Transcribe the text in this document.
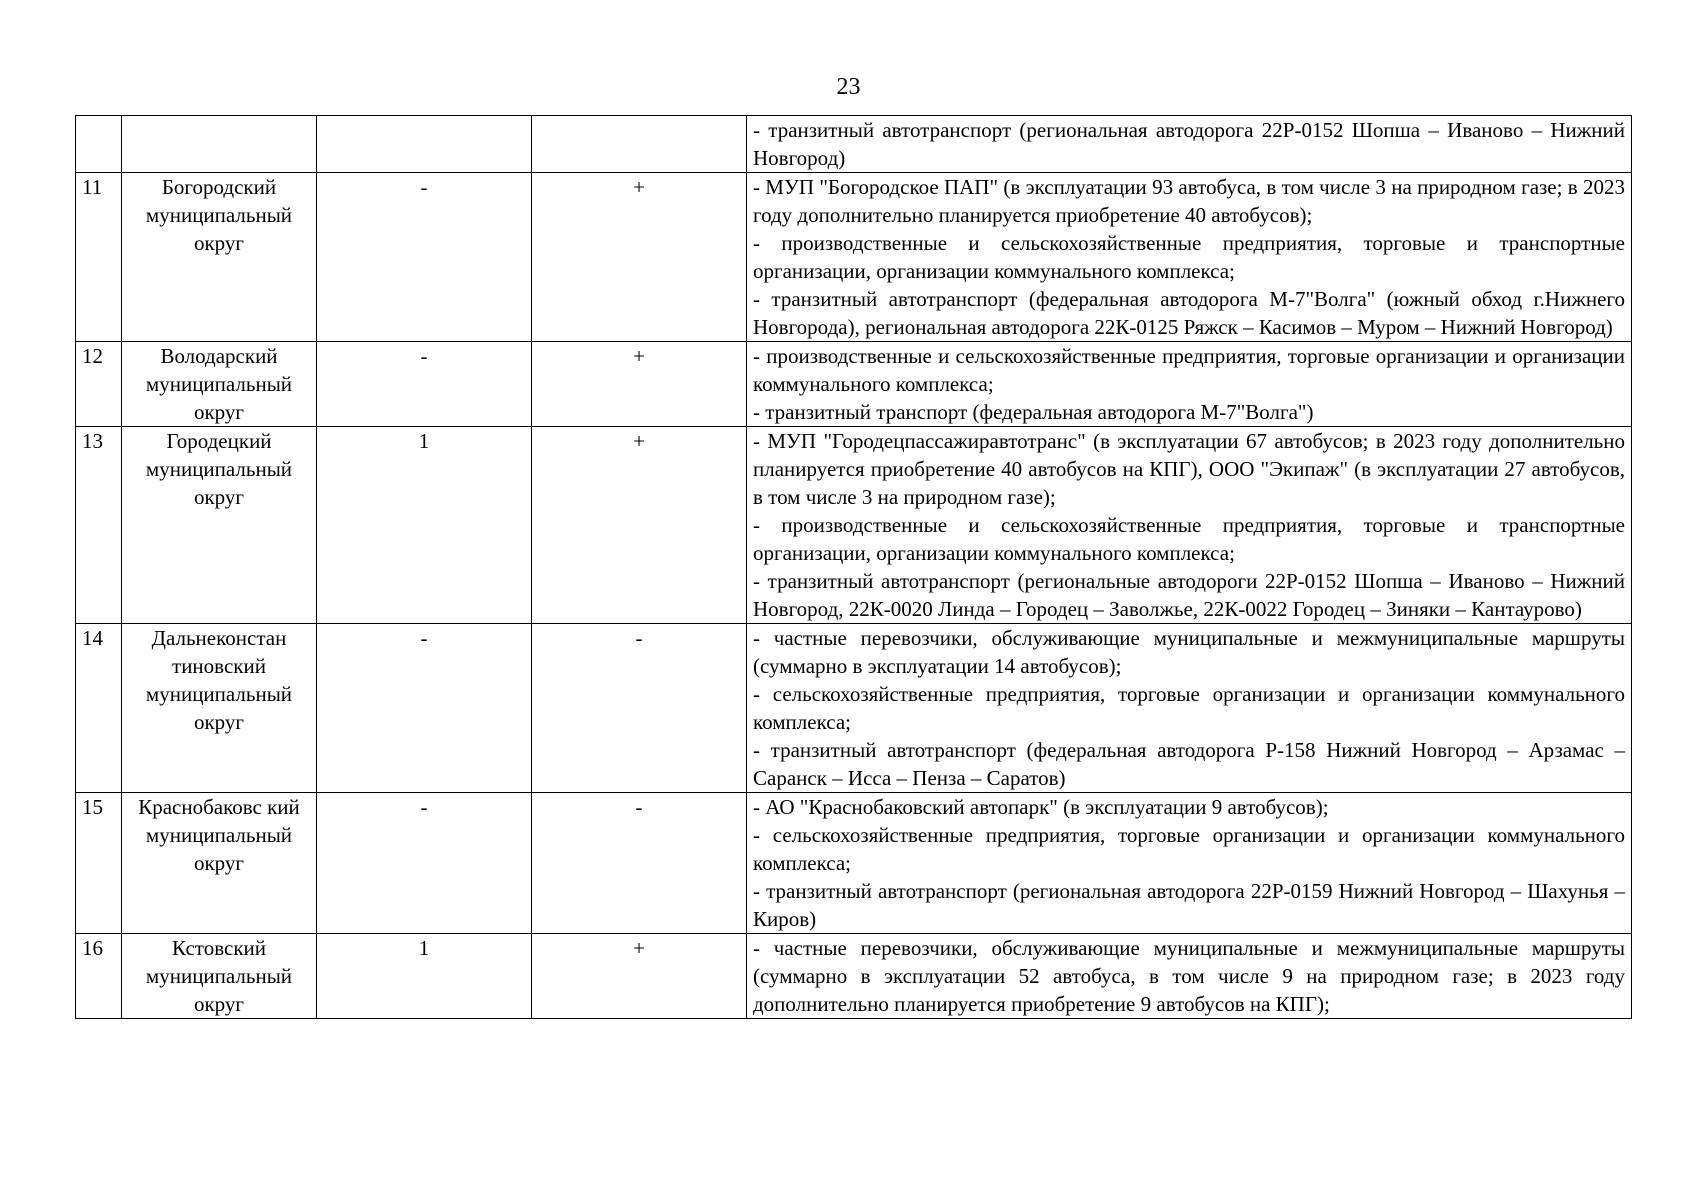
23

				- транзитный автотранспорт (региональная автодорога 22Р-0152 Шопша – Иваново – Нижний Новгород)

11	Богородский муниципальный округ	-	+	- МУП "Богородское ПАП" (в эксплуатации 93 автобуса, в том числе 3 на природном газе; в 2023 году дополнительно планируется приобретение 40 автобусов);
- производственные и сельскохозяйственные предприятия, торговые и транспортные организации, организации коммунального комплекса;
- транзитный автотранспорт (федеральная автодорога М-7"Волга" (южный обход г.Нижнего Новгорода), региональная автодорога 22К-0125 Ряжск – Касимов – Муром – Нижний Новгород)

12	Володарский муниципальный округ	-	+	- производственные и сельскохозяйственные предприятия, торговые организации и организации коммунального комплекса;
- транзитный транспорт (федеральная автодорога М-7"Волга")

13	Городецкий муниципальный округ	1	+	- МУП "Городецпассажиравтотранс" (в эксплуатации 67 автобусов; в 2023 году дополнительно планируется приобретение 40 автобусов на КПГ), ООО "Экипаж" (в эксплуатации 27 автобусов, в том числе 3 на природном газе);
- производственные и сельскохозяйственные предприятия, торговые и транспортные организации, организации коммунального комплекса;
- транзитный автотранспорт (региональные автодороги 22Р-0152 Шопша – Иваново – Нижний Новгород, 22К-0020 Линда – Городец – Заволжье, 22К-0022 Городец – Зиняки – Кантаурово)

14	Дальнеконстан тиновский муниципальный округ	-	-	- частные перевозчики, обслуживающие муниципальные и межмуниципальные маршруты (суммарно в эксплуатации 14 автобусов);
- сельскохозяйственные предприятия, торговые организации и организации коммунального комплекса;
- транзитный автотранспорт (федеральная автодорога Р-158 Нижний Новгород – Арзамас – Саранск – Исса – Пенза – Саратов)

15	Краснобаковс кий муниципальный округ	-	-	- АО "Краснобаковский автопарк" (в эксплуатации 9 автобусов);
- сельскохозяйственные предприятия, торговые организации и организации коммунального комплекса;
- транзитный автотранспорт (региональная автодорога 22Р-0159 Нижний Новгород – Шахунья – Киров)

16	Кстовский муниципальный округ	1	+	- частные перевозчики, обслуживающие муниципальные и межмуниципальные маршруты (суммарно в эксплуатации 52 автобуса, в том числе 9 на природном газе; в 2023 году дополнительно планируется приобретение 9 автобусов на КПГ);
